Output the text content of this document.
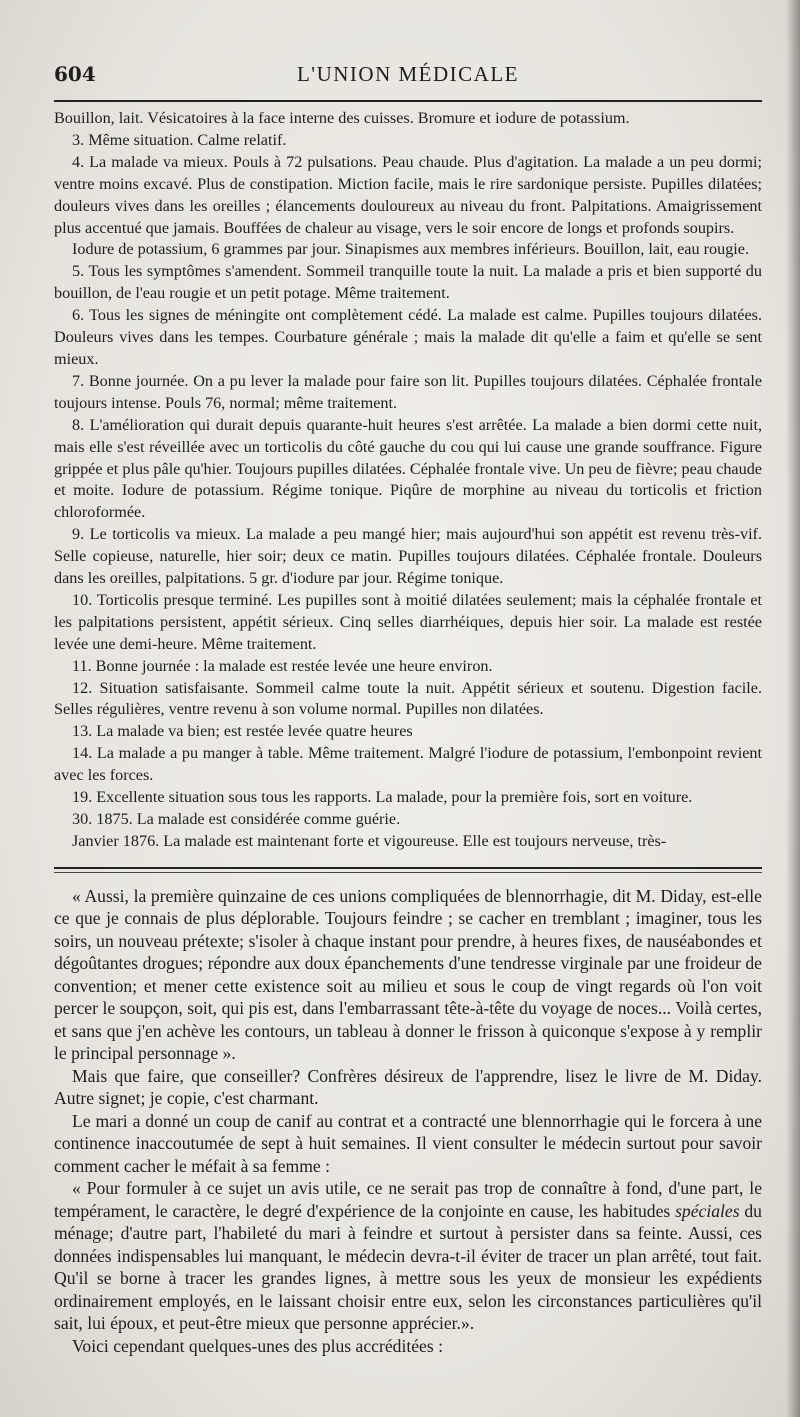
604	L'UNION MÉDICALE

Bouillon, lait. Vésicatoires à la face interne des cuisses. Bromure et iodure de potassium.

3. Même situation. Calme relatif.

4. La malade va mieux. Pouls à 72 pulsations. Peau chaude. Plus d'agitation. La malade a un peu dormi; ventre moins excavé. Plus de constipation. Miction facile, mais le rire sardonique persiste. Pupilles dilatées; douleurs vives dans les oreilles ; élancements douloureux au niveau du front. Palpitations. Amaigrissement plus accentué que jamais. Bouffées de chaleur au visage, vers le soir encore de longs et profonds soupirs.

Iodure de potassium, 6 grammes par jour. Sinapismes aux membres inférieurs. Bouillon, lait, eau rougie.

5. Tous les symptômes s'amendent. Sommeil tranquille toute la nuit. La malade a pris et bien supporté du bouillon, de l'eau rougie et un petit potage. Même traitement.

6. Tous les signes de méningite ont complètement cédé. La malade est calme. Pupilles toujours dilatées. Douleurs vives dans les tempes. Courbature générale ; mais la malade dit qu'elle a faim et qu'elle se sent mieux.

7. Bonne journée. On a pu lever la malade pour faire son lit. Pupilles toujours dilatées. Céphalée frontale toujours intense. Pouls 76, normal; même traitement.

8. L'amélioration qui durait depuis quarante-huit heures s'est arrêtée. La malade a bien dormi cette nuit, mais elle s'est réveillée avec un torticolis du côté gauche du cou qui lui cause une grande souffrance. Figure grippée et plus pâle qu'hier. Toujours pupilles dilatées. Céphalée frontale vive. Un peu de fièvre; peau chaude et moite. Iodure de potassium. Régime tonique. Piqûre de morphine au niveau du torticolis et friction chloroformée.

9. Le torticolis va mieux. La malade a peu mangé hier; mais aujourd'hui son appétit est revenu très-vif. Selle copieuse, naturelle, hier soir; deux ce matin. Pupilles toujours dilatées. Céphalée frontale. Douleurs dans les oreilles, palpitations. 5 gr. d'iodure par jour. Régime tonique.

10. Torticolis presque terminé. Les pupilles sont à moitié dilatées seulement; mais la céphalée frontale et les palpitations persistent, appétit sérieux. Cinq selles diarrhéiques, depuis hier soir. La malade est restée levée une demi-heure. Même traitement.

11. Bonne journée : la malade est restée levée une heure environ.

12. Situation satisfaisante. Sommeil calme toute la nuit. Appétit sérieux et soutenu. Digestion facile. Selles régulières, ventre revenu à son volume normal. Pupilles non dilatées.

13. La malade va bien; est restée levée quatre heures

14. La malade a pu manger à table. Même traitement. Malgré l'iodure de potassium, l'embonpoint revient avec les forces.

19. Excellente situation sous tous les rapports. La malade, pour la première fois, sort en voiture.

30. 1875. La malade est considérée comme guérie.

Janvier 1876. La malade est maintenant forte et vigoureuse. Elle est toujours nerveuse, très-

« Aussi, la première quinzaine de ces unions compliquées de blennorrhagie, dit M. Diday, est-elle ce que je connais de plus déplorable. Toujours feindre ; se cacher en tremblant ; imaginer, tous les soirs, un nouveau prétexte; s'isoler à chaque instant pour prendre, à heures fixes, de nauséabondes et dégoûtantes drogues; répondre aux doux épanchements d'une tendresse virginale par une froideur de convention; et mener cette existence soit au milieu et sous le coup de vingt regards où l'on voit percer le soupçon, soit, qui pis est, dans l'embarrassant tête-à-tête du voyage de noces... Voilà certes, et sans que j'en achève les contours, un tableau à donner le frisson à quiconque s'expose à y remplir le principal personnage ».

Mais que faire, que conseiller? Confrères désireux de l'apprendre, lisez le livre de M. Diday. Autre signet; je copie, c'est charmant.

Le mari a donné un coup de canif au contrat et a contracté une blennorrhagie qui le forcera à une continence inaccoutumée de sept à huit semaines. Il vient consulter le médecin surtout pour savoir comment cacher le méfait à sa femme :

« Pour formuler à ce sujet un avis utile, ce ne serait pas trop de connaître à fond, d'une part, le tempérament, le caractère, le degré d'expérience de la conjointe en cause, les habitudes spéciales du ménage; d'autre part, l'habileté du mari à feindre et surtout à persister dans sa feinte. Aussi, ces données indispensables lui manquant, le médecin devra-t-il éviter de tracer un plan arrêté, tout fait. Qu'il se borne à tracer les grandes lignes, à mettre sous les yeux de monsieur les expédients ordinairement employés, en le laissant choisir entre eux, selon les circonstances particulières qu'il sait, lui époux, et peut-être mieux que personne apprécier.».

Voici cependant quelques-unes des plus accréditées :
